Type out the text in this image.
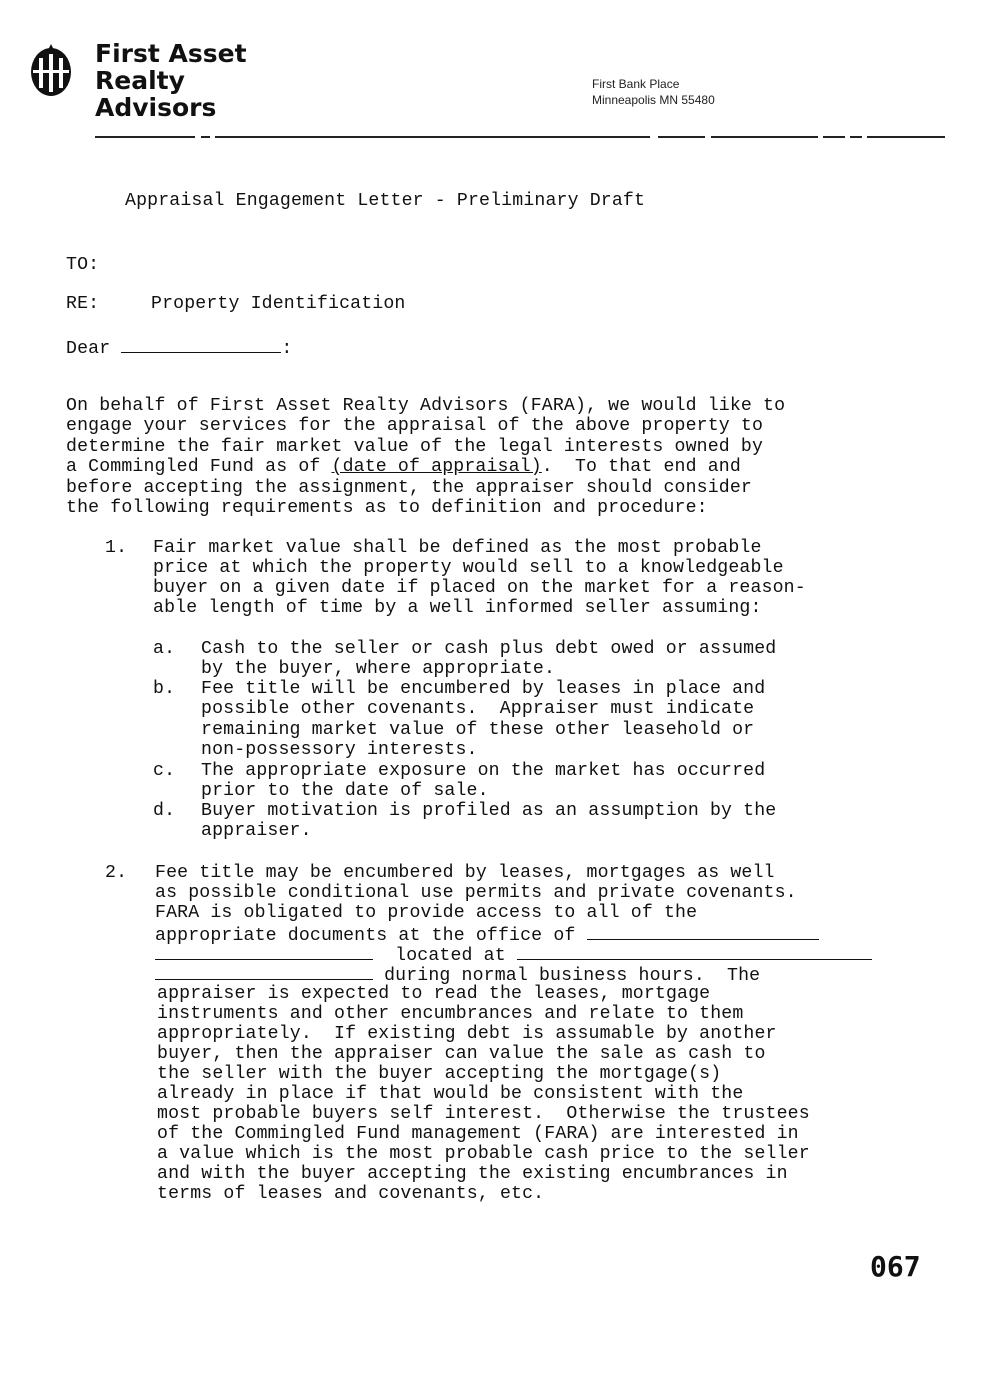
First Asset
Realty
Advisors
First Bank Place
Minneapolis MN 55480
Appraisal Engagement Letter - Preliminary Draft
TO:
RE:	Property Identification
Dear	:
On behalf of First Asset Realty Advisors (FARA), we would like to
engage your services for the appraisal of the above property to
determine the fair market value of the legal interests owned by
a Commingled Fund as of (date of appraisal).  To that end and
before accepting the assignment, the appraiser should consider
the following requirements as to definition and procedure:
1. Fair market value shall be defined as the most probable
price at which the property would sell to a knowledgeable
buyer on a given date if placed on the market for a reason-
able length of time by a well informed seller assuming:
a. Cash to the seller or cash plus debt owed or assumed
by the buyer, where appropriate.
b. Fee title will be encumbered by leases in place and
possible other covenants.  Appraiser must indicate
remaining market value of these other leasehold or
non-possessory interests.
c. The appropriate exposure on the market has occurred
prior to the date of sale.
d. Buyer motivation is profiled as an assumption by the
appraiser.
2. Fee title may be encumbered by leases, mortgages as well
as possible conditional use permits and private covenants.
FARA is obligated to provide access to all of the
appropriate documents at the office of
located at
during normal business hours.  The
appraiser is expected to read the leases, mortgage
instruments and other encumbrances and relate to them
appropriately.  If existing debt is assumable by another
buyer, then the appraiser can value the sale as cash to
the seller with the buyer accepting the mortgage(s)
already in place if that would be consistent with the
most probable buyers self interest.  Otherwise the trustees
of the Commingled Fund management (FARA) are interested in
a value which is the most probable cash price to the seller
and with the buyer accepting the existing encumbrances in
terms of leases and covenants, etc.
067
